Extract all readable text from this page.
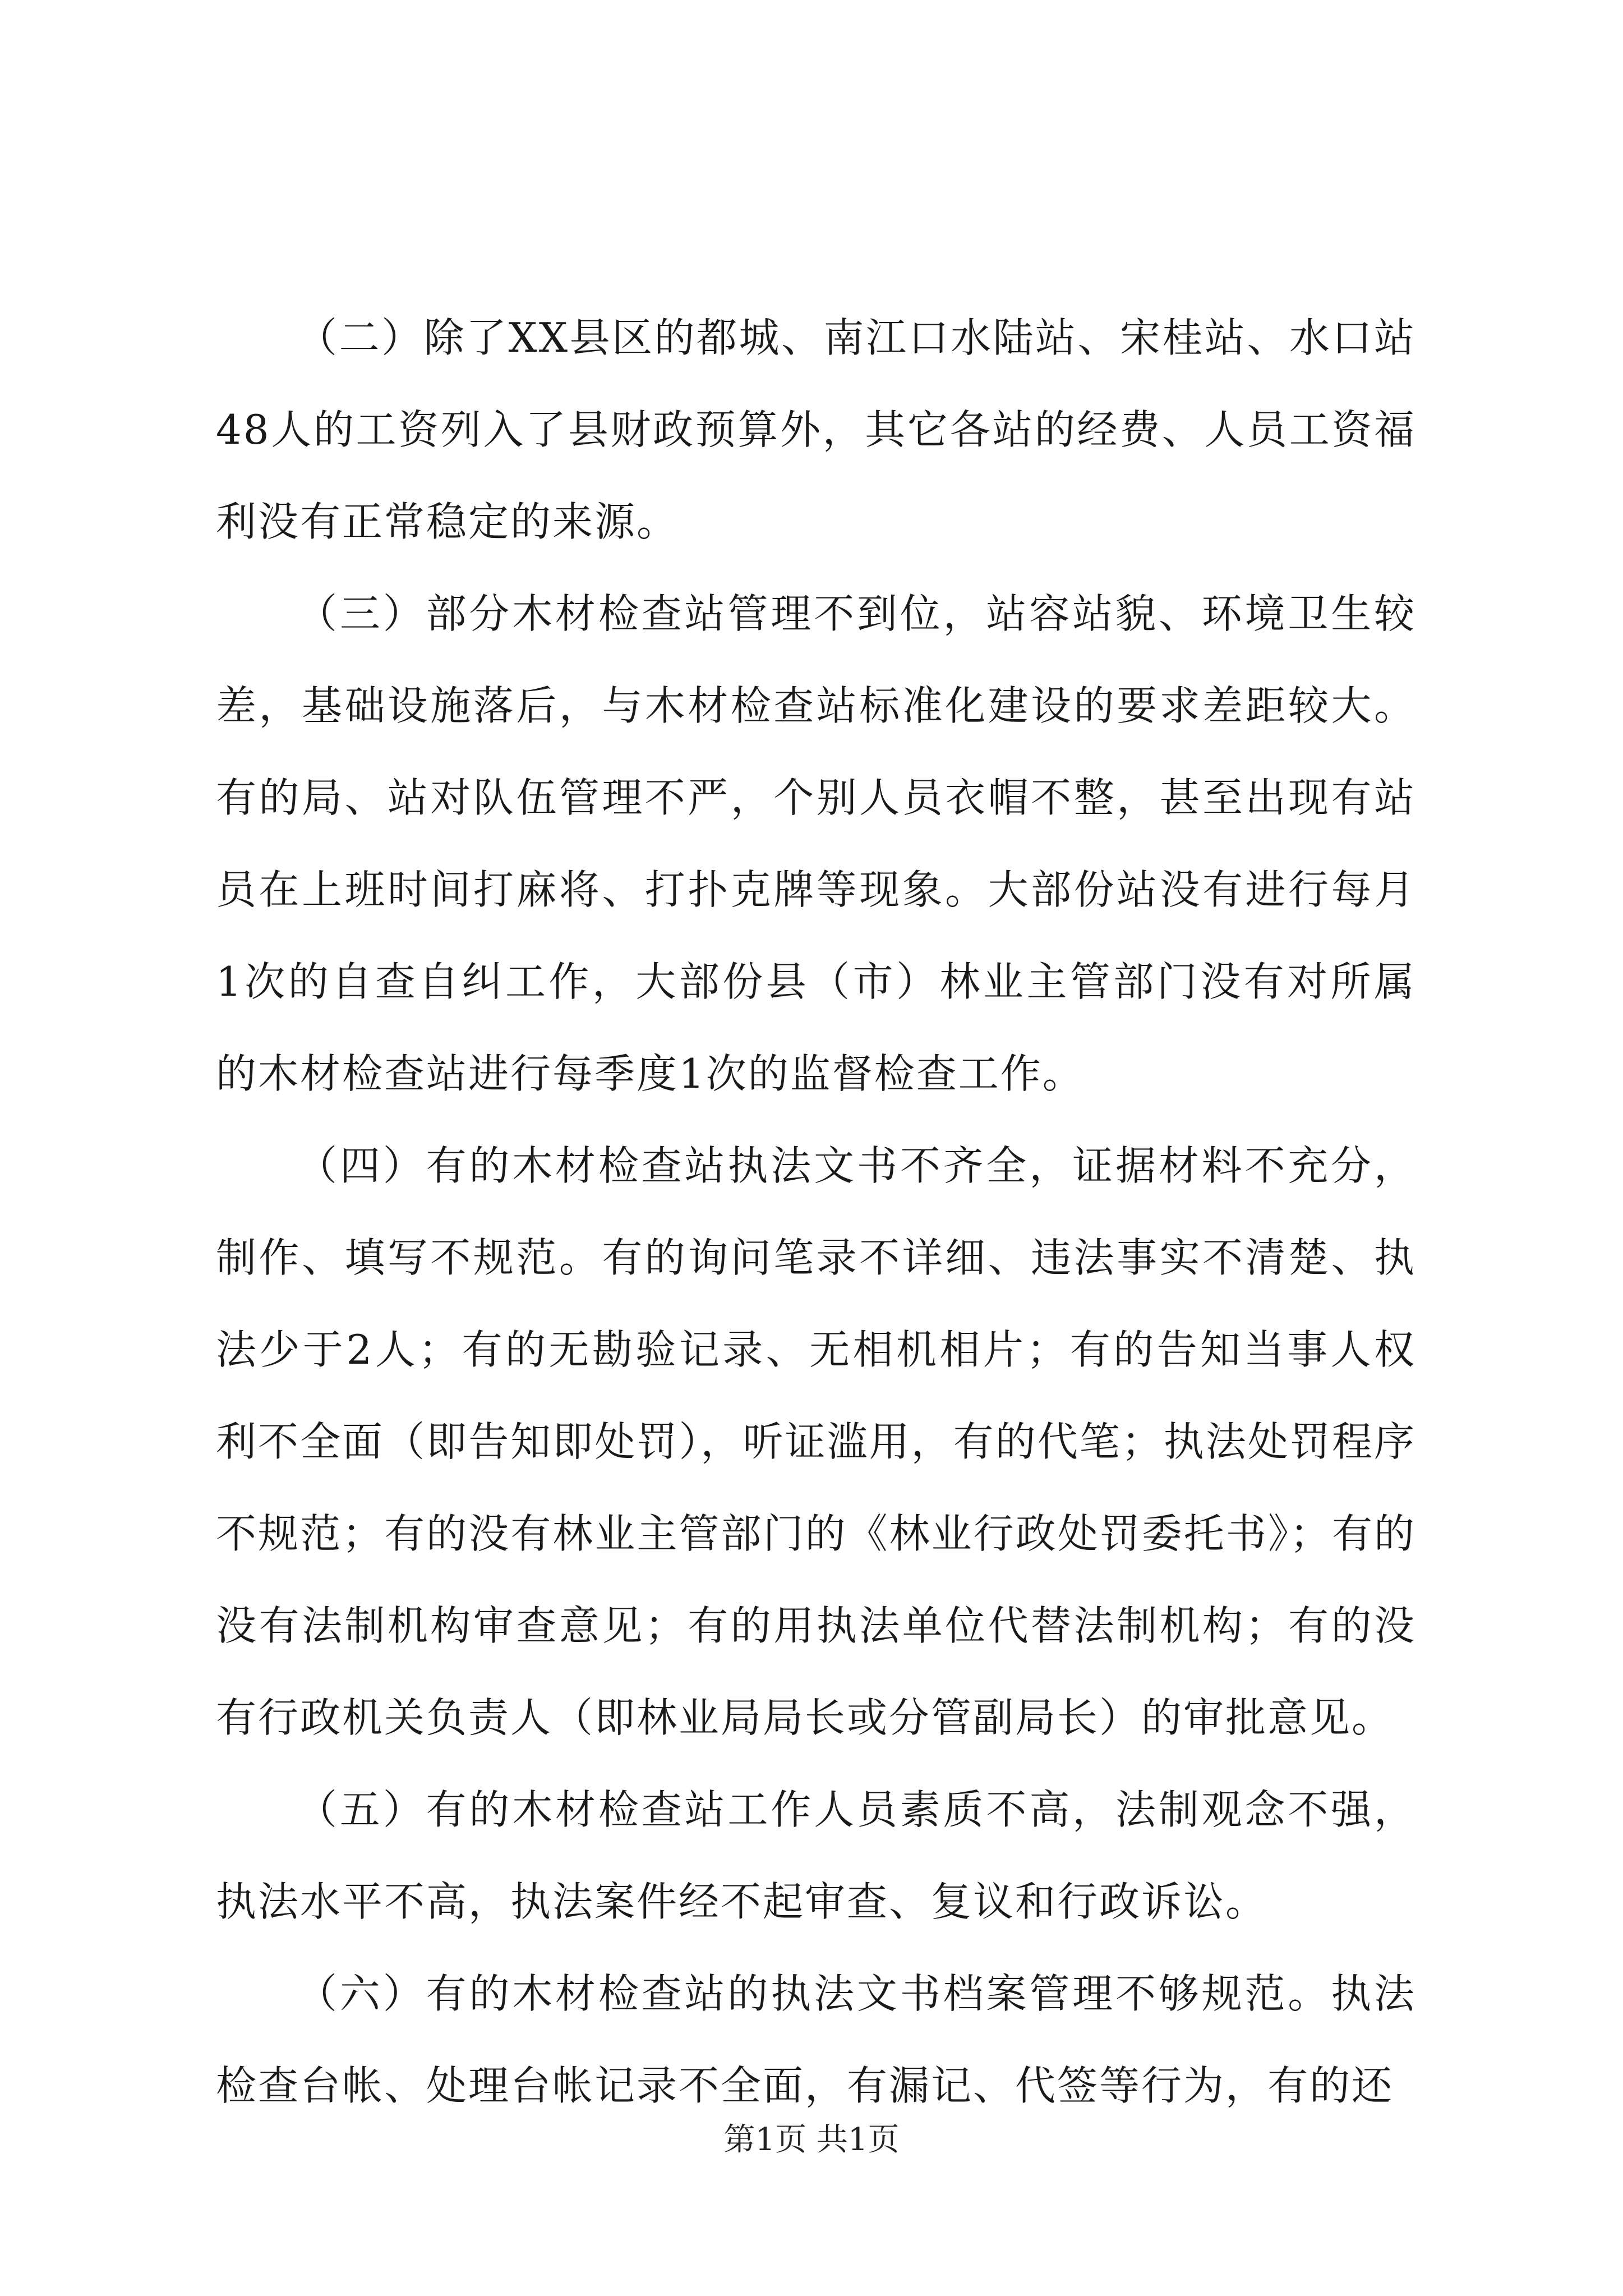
（二）除了XX县区的都城、南江口水陆站、宋桂站、水口站48人的工资列入了县财政预算外，其它各站的经费、人员工资福利没有正常稳定的来源。

（三）部分木材检查站管理不到位，站容站貌、环境卫生较差，基础设施落后，与木材检查站标准化建设的要求差距较大。有的局、站对队伍管理不严，个别人员衣帽不整，甚至出现有站员在上班时间打麻将、打扑克牌等现象。大部份站没有进行每月1次的自查自纠工作，大部份县（市）林业主管部门没有对所属的木材检查站进行每季度1次的监督检查工作。

（四）有的木材检查站执法文书不齐全，证据材料不充分，制作、填写不规范。有的询问笔录不详细、违法事实不清楚、执法少于2人；有的无勘验记录、无相机相片；有的告知当事人权利不全面（即告知即处罚），听证滥用，有的代笔；执法处罚程序不规范；有的没有林业主管部门的《林业行政处罚委托书》；有的没有法制机构审查意见；有的用执法单位代替法制机构；有的没有行政机关负责人（即林业局局长或分管副局长）的审批意见。

（五）有的木材检查站工作人员素质不高，法制观念不强，执法水平不高，执法案件经不起审查、复议和行政诉讼。

（六）有的木材检查站的执法文书档案管理不够规范。执法检查台帐、处理台帐记录不全面，有漏记、代签等行为，有的还

第1页 共1页
